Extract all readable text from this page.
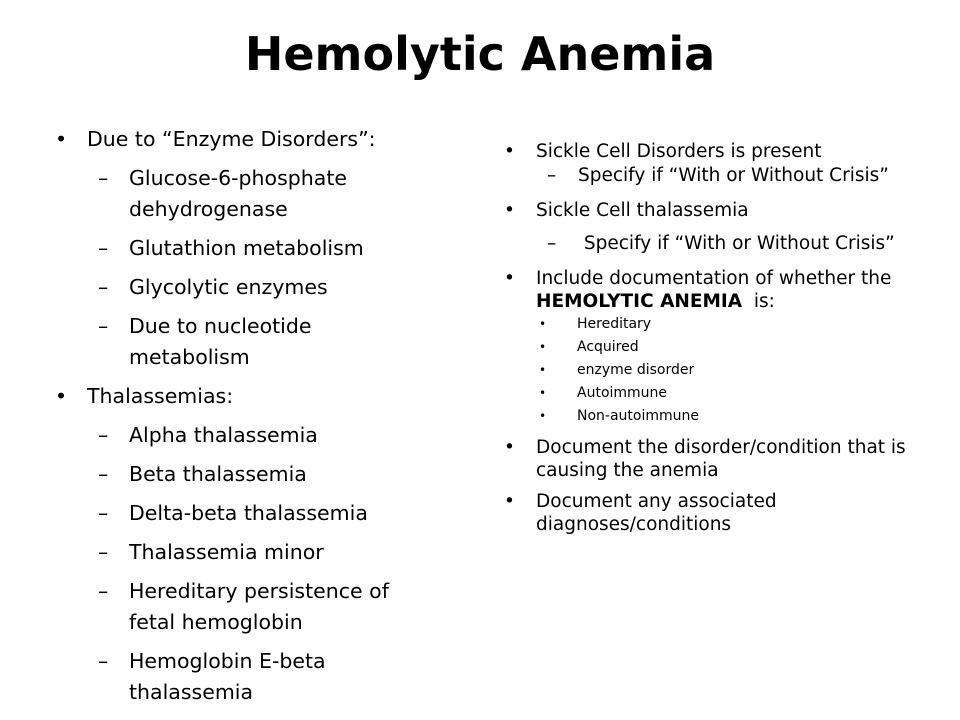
Hemolytic Anemia
• Due to “Enzyme Disorders”:
– Glucose-6-phosphate dehydrogenase
– Glutathion metabolism
– Glycolytic enzymes
– Due to nucleotide metabolism
• Thalassemias:
– Alpha thalassemia
– Beta thalassemia
– Delta-beta thalassemia
– Thalassemia minor
– Hereditary persistence of fetal hemoglobin
– Hemoglobin E-beta thalassemia
• Sickle Cell Disorders is present
– Specify if “With or Without Crisis”
• Sickle Cell thalassemia
– Specify if “With or Without Crisis”
• Include documentation of whether the HEMOLYTIC ANEMIA  is:
• Hereditary
• Acquired
• enzyme disorder
• Autoimmune
• Non-autoimmune
• Document the disorder/condition that is causing the anemia
• Document any associated diagnoses/conditions
